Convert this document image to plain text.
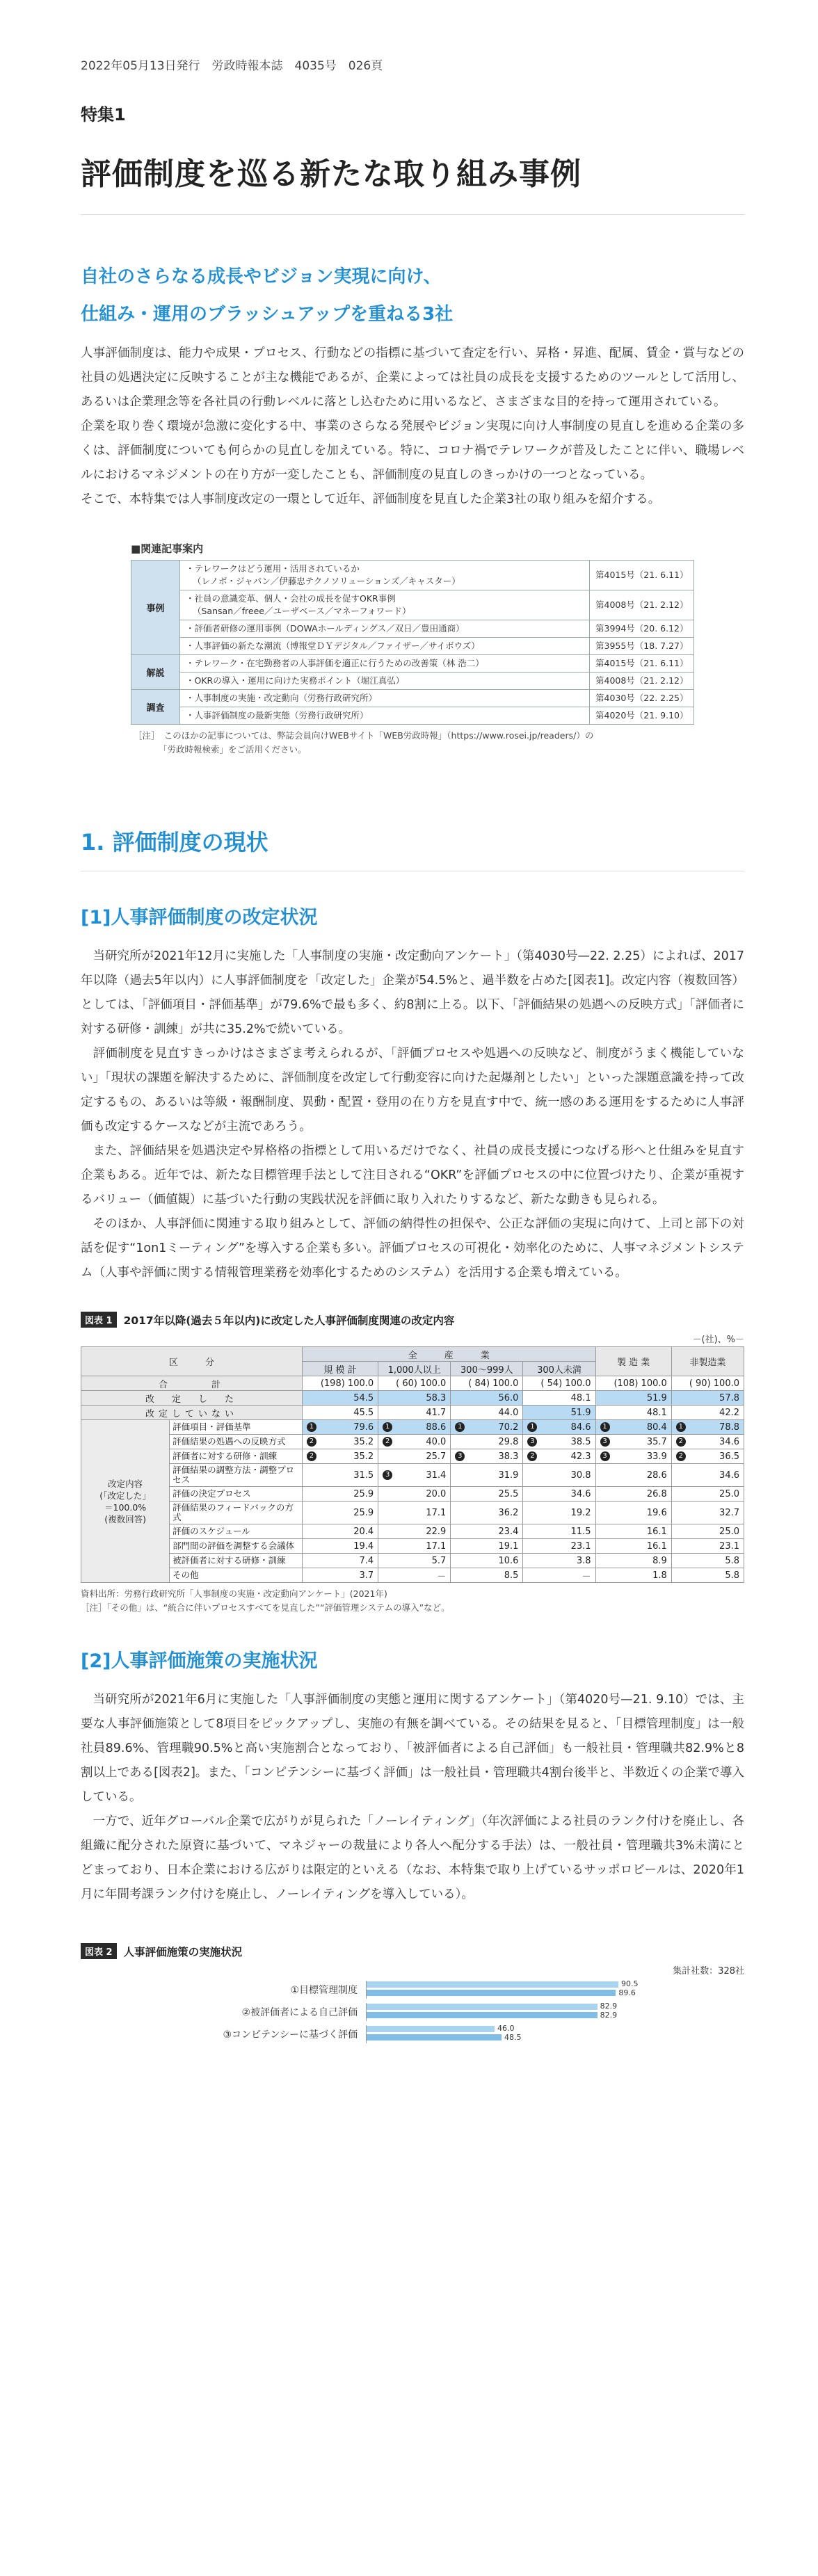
2022年05月13日発行　労政時報本誌　4035号　026頁
特集1
評価制度を巡る新たな取り組み事例
自社のさらなる成長やビジョン実現に向け、
仕組み・運用のブラッシュアップを重ねる3社

人事評価制度は、能力や成果・プロセス、行動などの指標に基づいて査定を行い、昇格・昇進、配属、賃金・賞与などの社員の処遇決定に反映することが主な機能であるが、企業によっては社員の成長を支援するためのツールとして活用し、あるいは企業理念等を各社員の行動レベルに落とし込むために用いるなど、さまざまな目的を持って運用されている。

企業を取り巻く環境が急激に変化する中、事業のさらなる発展やビジョン実現に向け人事制度の見直しを進める企業の多くは、評価制度についても何らかの見直しを加えている。特に、コロナ禍でテレワークが普及したことに伴い、職場レベルにおけるマネジメントの在り方が一変したことも、評価制度の見直しのきっかけの一つとなっている。

そこで、本特集では人事制度改定の一環として近年、評価制度を見直した企業3社の取り組みを紹介する。

■関連記事案内
事例	・テレワークはどう運用・活用されているか
（レノボ・ジャパン／伊藤忠テクノソリューションズ／キャスター）	第4015号（21. 6.11）

	・社員の意識変革、個人・会社の成長を促すOKR事例
（Sansan／freee／ユーザベース／マネーフォワード）	第4008号（21. 2.12）

	・評価者研修の運用事例（DOWAホールディングス／双日／豊田通商）	第3994号（20. 6.12）

	・人事評価の新たな潮流（博報堂ＤＹデジタル／ファイザー／サイボウズ）	第3955号（18. 7.27）
解説	・テレワーク・在宅勤務者の人事評価を適正に行うための改善策（林 浩二）	第4015号（21. 6.11）

	・OKRの導入・運用に向けた実務ポイント（堀江真弘）	第4008号（21. 2.12）
調査	・人事制度の実施・改定動向（労務行政研究所）	第4030号（22. 2.25）

	・人事評価制度の最新実態（労務行政研究所）	第4020号（21. 9.10）
［注］　このほかの記事については、弊誌会員向けWEBサイト「WEB労政時報」（https://www.rosei.jp/readers/）の
「労政時報検索」をご活用ください。
1. 評価制度の現状
[1]人事評価制度の改定状況

当研究所が2021年12月に実施した「人事制度の実施・改定動向アンケート」（第4030号—22. 2.25）によれば、2017年以降（過去5年以内）に人事評価制度を「改定した」企業が54.5%と、過半数を占めた[図表1]。改定内容（複数回答）としては、「評価項目・評価基準」が79.6%で最も多く、約8割に上る。以下、「評価結果の処遇への反映方式」「評価者に対する研修・訓練」が共に35.2%で続いている。

評価制度を見直すきっかけはさまざま考えられるが、「評価プロセスや処遇への反映など、制度がうまく機能していない」「現状の課題を解決するために、評価制度を改定して行動変容に向けた起爆剤としたい」といった課題意識を持って改定するもの、あるいは等級・報酬制度、異動・配置・登用の在り方を見直す中で、統一感のある運用をするために人事評価も改定するケースなどが主流であろう。

また、評価結果を処遇決定や昇格格の指標として用いるだけでなく、社員の成長支援につなげる形へと仕組みを見直す企業もある。近年では、新たな目標管理手法として注目される“OKR”を評価プロセスの中に位置づけたり、企業が重視するバリュー（価値観）に基づいた行動の実践状況を評価に取り入れたりするなど、新たな動きも見られる。

そのほか、人事評価に関連する取り組みとして、評価の納得性の担保や、公正な評価の実現に向けて、上司と部下の対話を促す“1on1ミーティング”を導入する企業も多い。評価プロセスの可視化・効率化のために、人事マネジメントシステム（人事や評価に関する情報管理業務を効率化するためのシステム）を活用する企業も増えている。

図表 1	2017年以降(過去５年以内)に改定した人事評価制度関連の改定内容
－(社)、%－
区　　　分		全　　　産　　　業				製 造 業	非製造業
		規 模 計	1,000人以上	300～999人	300人未満		
合　　　計		(198) 100.0	( 60) 100.0	( 84) 100.0	( 54) 100.0	(108) 100.0	( 90) 100.0
改　定　し　た		54.5	58.3	56.0	48.1	51.9	57.8
改定していない		45.5	41.7	44.0	51.9	48.1	42.2
改定内容
(「改定した」
＝100.0%
(複数回答)	評価項目・評価基準	1 79.6	1 88.6	1 70.2	1 84.6	1 80.4	1 78.8

	評価結果の処遇への反映方式	2 35.2	2 40.0	29.8	3 38.5	3 35.7	2 34.6

	評価者に対する研修・訓練	2 35.2	25.7	3 38.3	2 42.3	3 33.9	2 36.5

	評価結果の調整方法・調整プロセス	31.5	3 31.4	31.9	30.8	28.6	34.6
	評価の決定プロセス	25.9	20.0	25.5	34.6	26.8	25.0
	評価結果のフィードバックの方式	25.9	17.1	36.2	19.2	19.6	32.7
	評価のスケジュール	20.4	22.9	23.4	11.5	16.1	25.0
	部門間の評価を調整する会議体	19.4	17.1	19.1	23.1	16.1	23.1
	被評価者に対する研修・訓練	7.4	5.7	10.6	3.8	8.9	5.8
	その他	3.7	－	8.5	－	1.8	5.8
資料出所：労務行政研究所「人事制度の実施・改定動向アンケート」(2021年)
［注］「その他」は、“統合に伴いプロセスすべてを見直した”“評価管理システムの導入”など。
[2]人事評価施策の実施状況

当研究所が2021年6月に実施した「人事評価制度の実態と運用に関するアンケート」（第4020号—21. 9.10）では、主要な人事評価施策として8項目をピックアップし、実施の有無を調べている。その結果を見ると、「目標管理制度」は一般社員89.6%、管理職90.5%と高い実施割合となっており、「被評価者による自己評価」も一般社員・管理職共82.9%と8割以上である[図表2]。また、「コンピテンシーに基づく評価」は一般社員・管理職共4割台後半と、半数近くの企業で導入している。

一方で、近年グローバル企業で広がりが見られた「ノーレイティング」（年次評価による社員のランク付けを廃止し、各組織に配分された原資に基づいて、マネジャーの裁量により各人へ配分する手法）は、一般社員・管理職共3%未満にとどまっており、日本企業における広がりは限定的といえる（なお、本特集で取り上げているサッポロビールは、2020年1月に年間考課ランク付けを廃止し、ノーレイティングを導入している）。

図表 2	人事評価施策の実施状況
集計社数：328社
①目標管理制度
90.5
89.6
②被評価者による自己評価
82.9
82.9
③コンピテンシーに基づく評価
46.0
48.5
